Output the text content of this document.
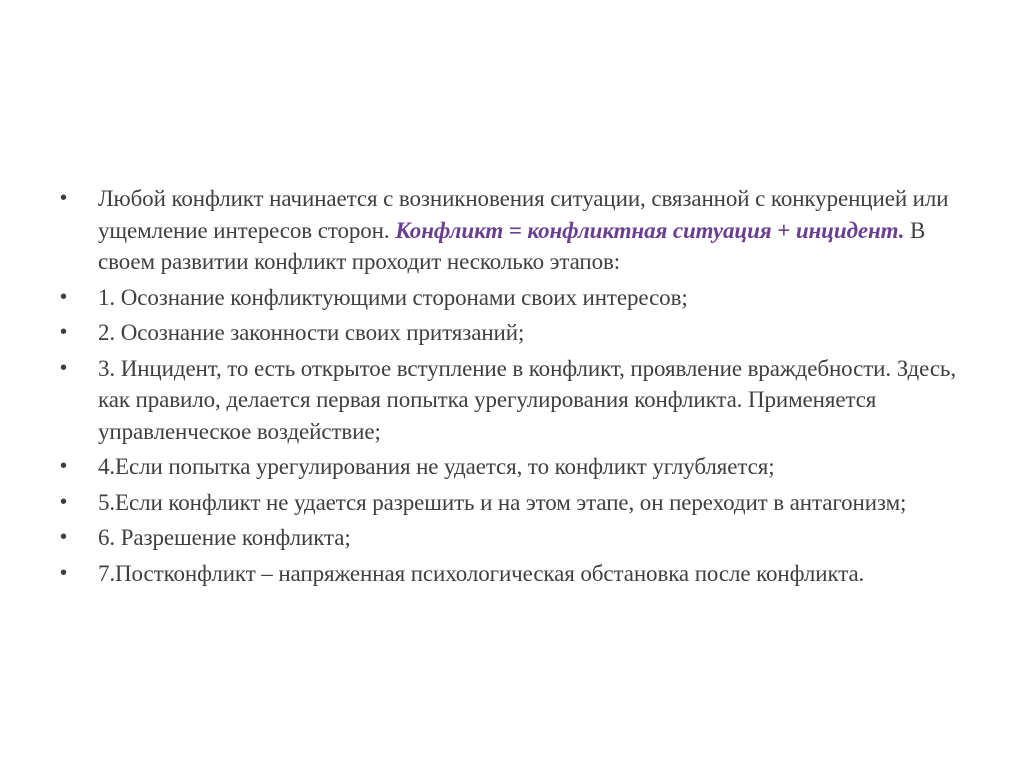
•	Любой конфликт начинается с возникновения ситуации, связанной с конкуренцией или ущемление интересов сторон. Конфликт = конфликтная ситуация + инцидент. В своем развитии конфликт проходит несколько этапов:
•	1. Осознание конфликтующими сторонами своих интересов;
•	2. Осознание законности своих притязаний;
•	3. Инцидент, то есть открытое вступление в конфликт, проявление враждебности. Здесь, как правило, делается первая попытка урегулирования конфликта. Применяется управленческое воздействие;
•	4.Если попытка урегулирования не удается, то конфликт углубляется;
•	5.Если конфликт не удается разрешить и на этом этапе, он переходит в антагонизм;
•	6. Разрешение конфликта;
•	7.Постконфликт – напряженная психологическая обстановка после конфликта.
